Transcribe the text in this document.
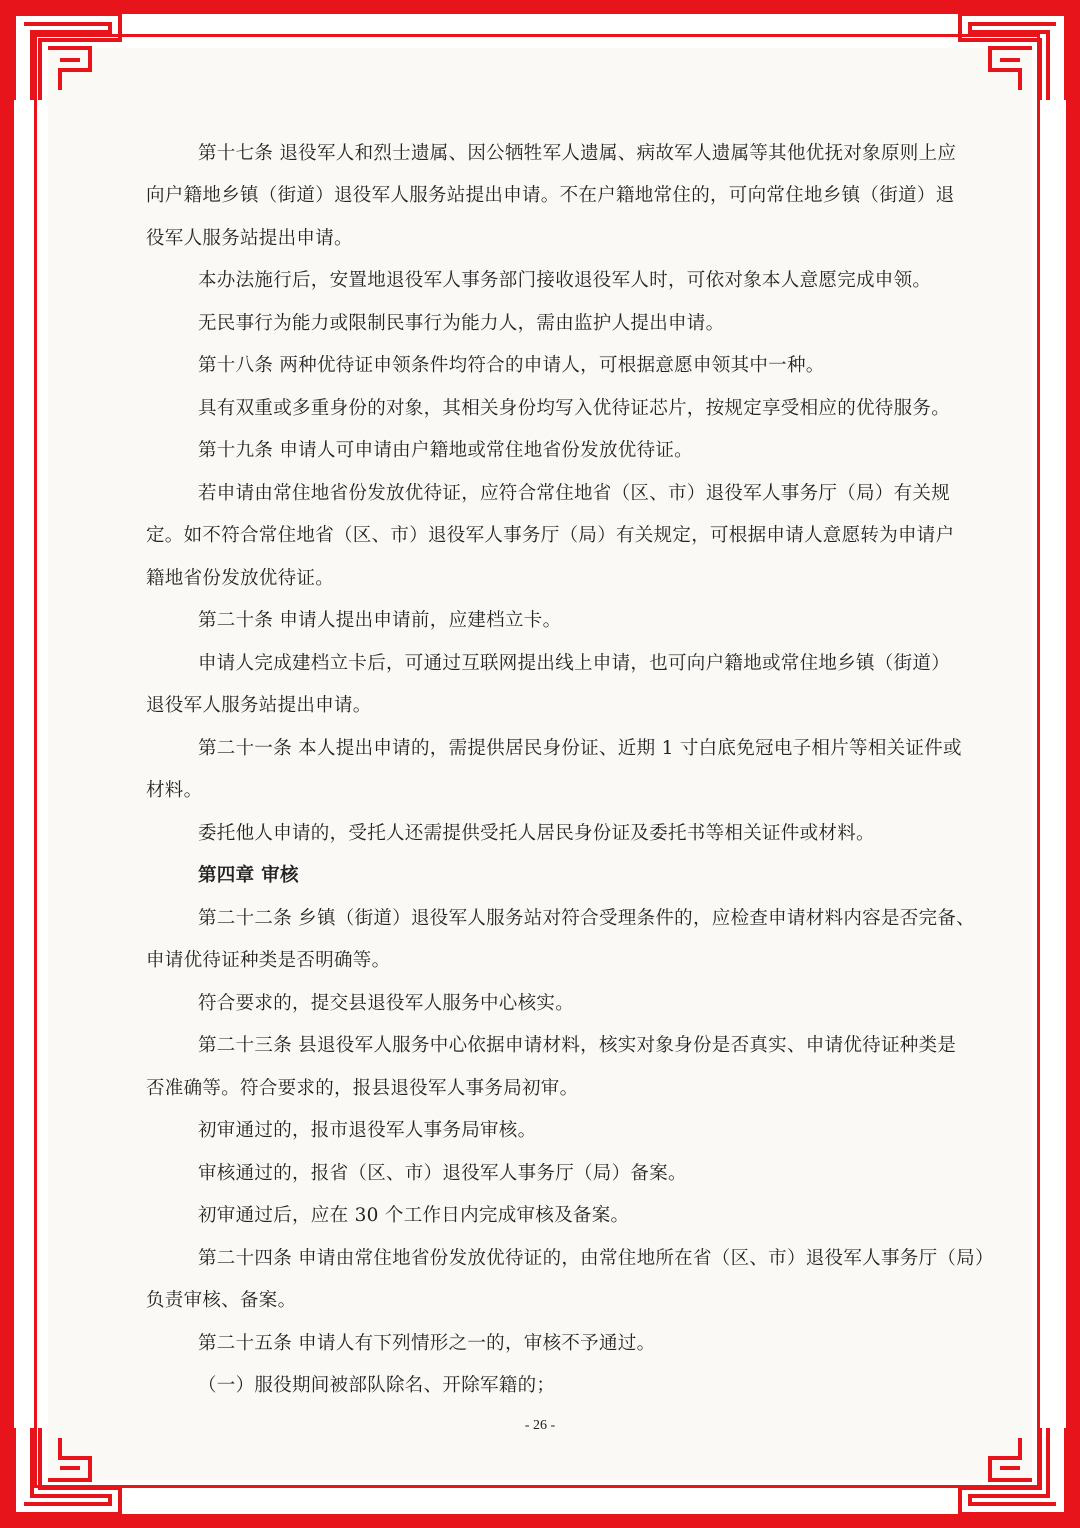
第十七条 退役军人和烈士遗属、因公牺牲军人遗属、病故军人遗属等其他优抚对象原则上应
向户籍地乡镇（街道）退役军人服务站提出申请。不在户籍地常住的，可向常住地乡镇（街道）退
役军人服务站提出申请。
本办法施行后，安置地退役军人事务部门接收退役军人时，可依对象本人意愿完成申领。
无民事行为能力或限制民事行为能力人，需由监护人提出申请。
第十八条 两种优待证申领条件均符合的申请人，可根据意愿申领其中一种。
具有双重或多重身份的对象，其相关身份均写入优待证芯片，按规定享受相应的优待服务。
第十九条 申请人可申请由户籍地或常住地省份发放优待证。
若申请由常住地省份发放优待证，应符合常住地省（区、市）退役军人事务厅（局）有关规
定。如不符合常住地省（区、市）退役军人事务厅（局）有关规定，可根据申请人意愿转为申请户
籍地省份发放优待证。
第二十条 申请人提出申请前，应建档立卡。
申请人完成建档立卡后，可通过互联网提出线上申请，也可向户籍地或常住地乡镇（街道）
退役军人服务站提出申请。
第二十一条 本人提出申请的，需提供居民身份证、近期 1 寸白底免冠电子相片等相关证件或
材料。
委托他人申请的，受托人还需提供受托人居民身份证及委托书等相关证件或材料。
第四章 审核
第二十二条 乡镇（街道）退役军人服务站对符合受理条件的，应检查申请材料内容是否完备、
申请优待证种类是否明确等。
符合要求的，提交县退役军人服务中心核实。
第二十三条 县退役军人服务中心依据申请材料，核实对象身份是否真实、申请优待证种类是
否准确等。符合要求的，报县退役军人事务局初审。
初审通过的，报市退役军人事务局审核。
审核通过的，报省（区、市）退役军人事务厅（局）备案。
初审通过后，应在 30 个工作日内完成审核及备案。
第二十四条 申请由常住地省份发放优待证的，由常住地所在省（区、市）退役军人事务厅（局）
负责审核、备案。
第二十五条 申请人有下列情形之一的，审核不予通过。
（一）服役期间被部队除名、开除军籍的；
- 26 -
